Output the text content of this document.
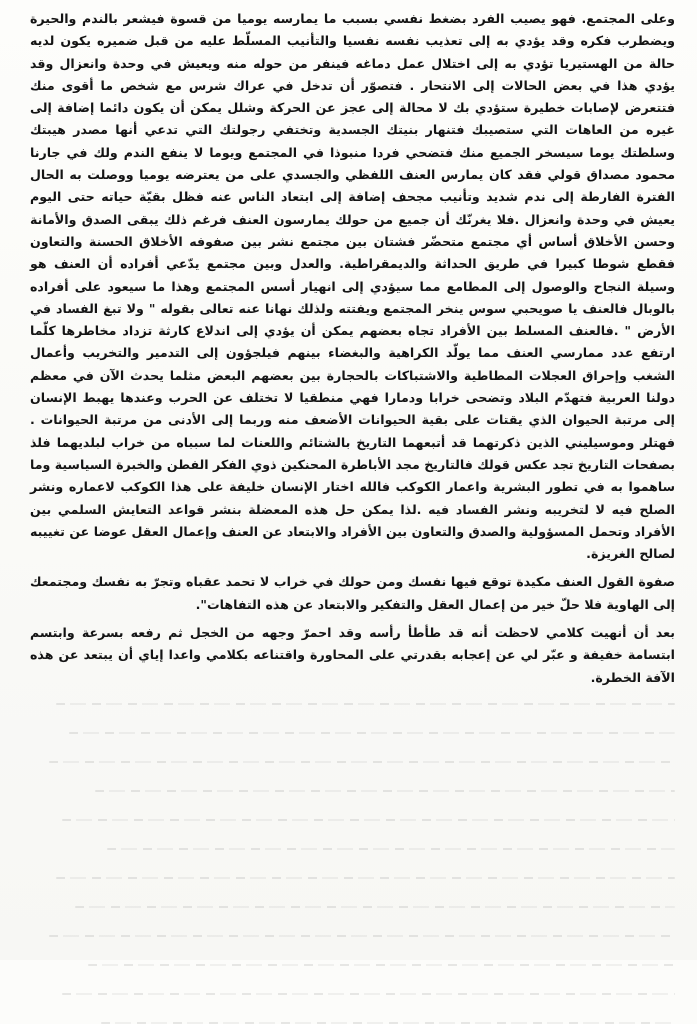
وعلى المجتمع. فهو يصيب الفرد بضغط نفسي بسبب ما يمارسه يوميا من قسوة فيشعر بالندم والحيرة ويضطرب فكره وقد يؤدي به إلى تعذيب نفسه نفسيا والتأنيب المسلّط عليه من قبل ضميره يكون لديه حالة من الهستيريا تؤدي به إلى اختلال عمل دماغه فينفر من حوله منه ويعيش في وحدة وانعزال وقد يؤدي هذا في بعض الحالات إلى الانتحار . فتصوّر أن تدخل في عراك شرس مع شخص ما أقوى منك فتتعرض لإصابات خطيرة ستؤدي بك لا محالة إلى عجز عن الحركة وشلل يمكن أن يكون دائما إضافة إلى غيره من العاهات التي ستصيبك فتنهار بنيتك الجسدية وتختفي رجولتك التي تدعي أنها مصدر هيبتك وسلطتك يوما سيسخر الجميع منك فتضحي فردا منبوذا في المجتمع ويوما لا ينفع الندم ولك في جارنا محمود مصداق قولي فقد كان يمارس العنف اللفظي والجسدي على من يعترضه يوميا ووصلت به الحال الفترة الفارطة إلى ندم شديد وتأنيب مجحف إضافة إلى ابتعاد الناس عنه فظل بقيّة حياته حتى اليوم يعيش في وحدة وانعزال .فلا يغرنّك أن جميع من حولك يمارسون العنف فرغم ذلك يبقى الصدق والأمانة وحسن الأخلاق أساس أي مجتمع متحضّر فشتان بين مجتمع نشر بين صفوفه الأخلاق الحسنة والتعاون فقطع شوطا كبيرا في طريق الحداثة والديمقراطية. والعدل وبين مجتمع يدّعي أفراده أن العنف هو وسيلة النجاح والوصول إلى المطامع مما سيؤدي إلى انهيار أسس المجتمع وهذا ما سيعود على أفراده بالوبال فالعنف يا صويحبي سوس ينخر المجتمع ويفتته ولذلك نهانا عنه تعالى بقوله " ولا تبغ الفساد في الأرض " .فالعنف المسلط بين الأفراد تجاه بعضهم يمكن أن يؤدي إلى اندلاع كارثة تزداد مخاطرها كلّما ارتفع عدد ممارسي العنف مما يولّد الكراهية والبغضاء بينهم فيلجؤون إلى التدمير والتخريب وأعمال الشغب وإحراق العجلات المطاطية والاشتباكات بالحجارة بين بعضهم البعض مثلما يحدث الآن في معظم دولنا العربية فتهدّم البلاد وتضحى خرابا ودمارا فهي منطقيا لا تختلف عن الحرب وعندها يهبط الإنسان إلى مرتبة الحيوان الذي يقتات على بقية الحيوانات الأضعف منه وربما إلى الأدنى من مرتبة الحيوانات . فهتلر وموسيليني الذين ذكرتهما قد أتبعهما التاريخ بالشتائم واللعنات لما سبباه من خراب لبلديهما فلذ بصفحات التاريخ تجد عكس قولك فالتاريخ مجد الأباطرة المحنكين ذوي الفكر الفطن والخبرة السياسية وما ساهموا به في تطور البشرية واعمار الكوكب فالله اختار الإنسان خليفة على هذا الكوكب لاعماره ونشر الصلح فيه لا لتخريبه ونشر الفساد فيه .لذا يمكن حل هذه المعضلة بنشر قواعد التعايش السلمي بين الأفراد وتحمل المسؤولية والصدق والتعاون بين الأفراد والابتعاد عن العنف وإعمال العقل عوضا عن تغييبه لصالح الغريزة.

صفوة القول العنف مكيدة توقع فيها نفسك ومن حولك في خراب لا تحمد عقباه وتجرّ به نفسك ومجتمعك إلى الهاوية فلا حلّ خير من إعمال العقل والتفكير والابتعاد عن هذه التفاهات".

بعد أن أنهيت كلامي لاحظت أنه قد طأطأ رأسه وقد احمرّ وجهه من الخجل ثم رفعه بسرعة وابتسم ابتسامة خفيفة و عبّر لي عن إعجابه بقدرتي على المحاورة واقتناعه بكلامي واعدا إياي أن يبتعد عن هذه الآفة الخطرة.
